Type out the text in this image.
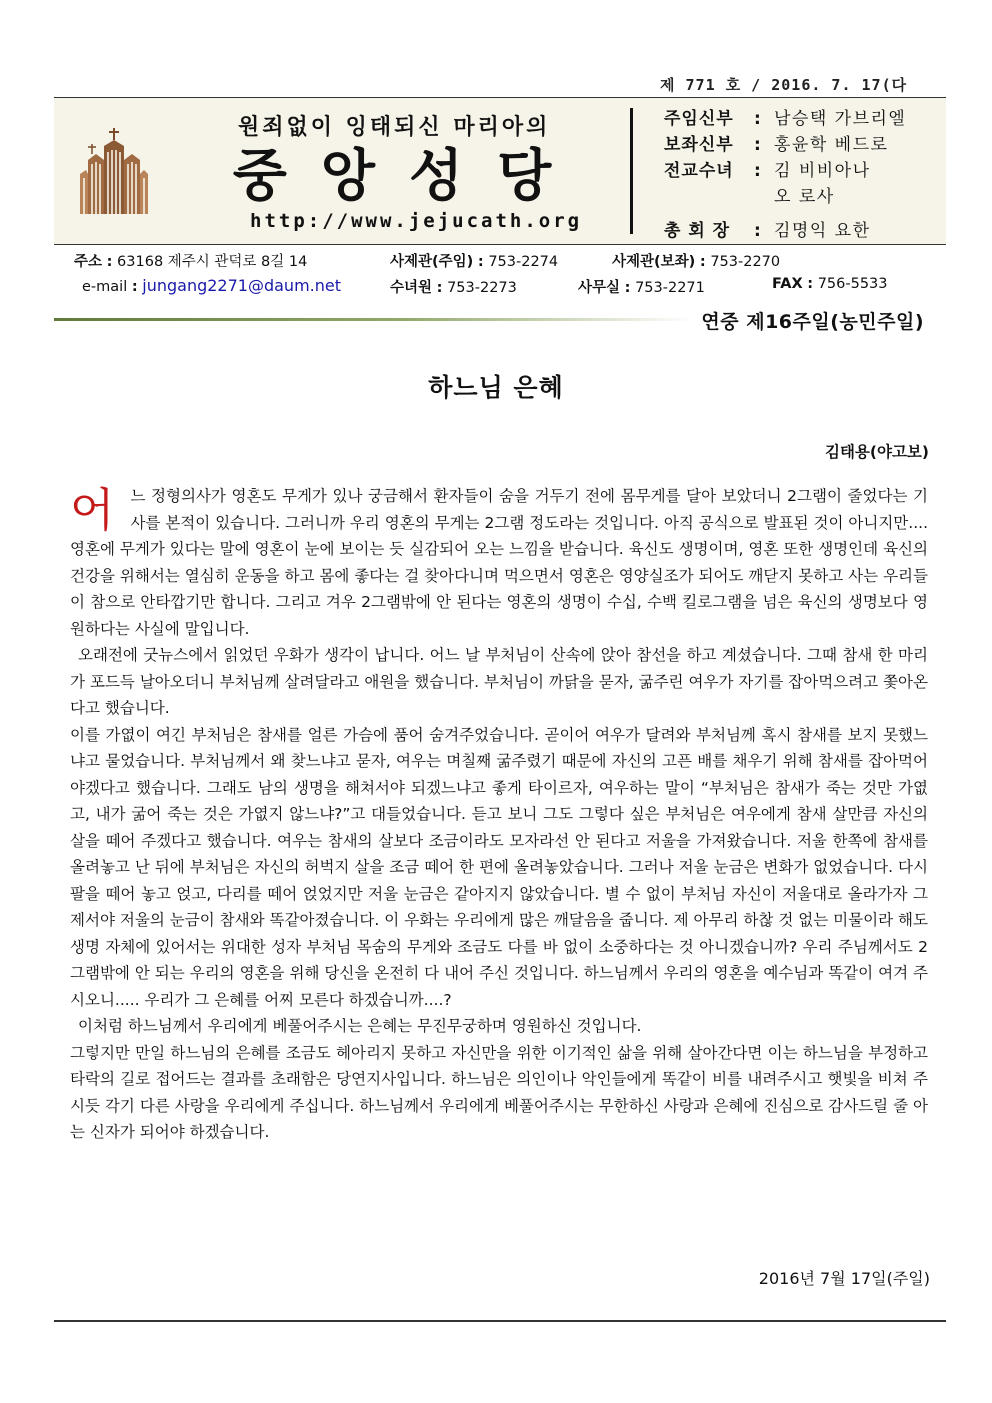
제 771 호 / 2016. 7. 17(다
원죄없이 잉태되신 마리아의
중앙성당
http://www.jejucath.org
주임신부	: 남승택 가브리엘
보좌신부	: 홍윤학 베드로
전교수녀	: 김 비비아나
오 로사
총 회 장	: 김명익 요한
주소 : 63168 제주시 관덕로 8길 14	사제관(주임) : 753-2274	사제관(보좌) : 753-2270
e-mail : jungang2271@daum.net	수녀원 : 753-2273	사무실 : 753-2271	FAX : 756-5533
연중 제16주일(농민주일)
하느님 은혜
김태용(야고보)

어 느 정형의사가 영혼도 무게가 있나 궁금해서 환자들이 숨을 거두기 전에 몸무게를 달아 보았더니 2그램이 줄었다는 기사를 본적이 있습니다. 그러니까 우리 영혼의 무게는 2그램 정도라는 것입니다. 아직 공식으로 발표된 것이 아니지만.... 영혼에 무게가 있다는 말에 영혼이 눈에 보이는 듯 실감되어 오는 느낌을 받습니다. 육신도 생명이며, 영혼 또한 생명인데 육신의 건강을 위해서는 열심히 운동을 하고 몸에 좋다는 걸 찾아다니며 먹으면서 영혼은 영양실조가 되어도 깨닫지 못하고 사는 우리들이 참으로 안타깝기만 합니다. 그리고 겨우 2그램밖에 안 된다는 영혼의 생명이 수십, 수백 킬로그램을 넘은 육신의 생명보다 영원하다는 사실에 말입니다.

오래전에 굿뉴스에서 읽었던 우화가 생각이 납니다. 어느 날 부처님이 산속에 앉아 참선을 하고 계셨습니다. 그때 참새 한 마리가 포드득 날아오더니 부처님께 살려달라고 애원을 했습니다. 부처님이 까닭을 묻자, 굶주린 여우가 자기를 잡아먹으려고 쫓아온다고 했습니다.

이를 가엾이 여긴 부처님은 참새를 얼른 가슴에 품어 숨겨주었습니다. 곧이어 여우가 달려와 부처님께 혹시 참새를 보지 못했느냐고 물었습니다. 부처님께서 왜 찾느냐고 묻자, 여우는 며칠째 굶주렸기 때문에 자신의 고픈 배를 채우기 위해 참새를 잡아먹어야겠다고 했습니다. 그래도 남의 생명을 해쳐서야 되겠느냐고 좋게 타이르자, 여우하는 말이 “부처님은 참새가 죽는 것만 가엾고, 내가 굶어 죽는 것은 가엾지 않느냐?”고 대들었습니다. 듣고 보니 그도 그렇다 싶은 부처님은 여우에게 참새 살만큼 자신의 살을 떼어 주겠다고 했습니다. 여우는 참새의 살보다 조금이라도 모자라선 안 된다고 저울을 가져왔습니다. 저울 한쪽에 참새를 올려놓고 난 뒤에 부처님은 자신의 허벅지 살을 조금 떼어 한 편에 올려놓았습니다. 그러나 저울 눈금은 변화가 없었습니다. 다시 팔을 떼어 놓고 얹고, 다리를 떼어 얹었지만 저울 눈금은 같아지지 않았습니다. 별 수 없이 부처님 자신이 저울대로 올라가자 그제서야 저울의 눈금이 참새와 똑같아졌습니다. 이 우화는 우리에게 많은 깨달음을 줍니다. 제 아무리 하찮 것 없는 미물이라 해도 생명 자체에 있어서는 위대한 성자 부처님 목숨의 무게와 조금도 다를 바 없이 소중하다는 것 아니겠습니까? 우리 주님께서도 2그램밖에 안 되는 우리의 영혼을 위해 당신을 온전히 다 내어 주신 것입니다. 하느님께서 우리의 영혼을 예수님과 똑같이 여겨 주시오니..... 우리가 그 은혜를 어찌 모른다 하겠습니까....?

이처럼 하느님께서 우리에게 베풀어주시는 은혜는 무진무궁하며 영원하신 것입니다.

그렇지만 만일 하느님의 은혜를 조금도 헤아리지 못하고 자신만을 위한 이기적인 삶을 위해 살아간다면 이는 하느님을 부정하고 타락의 길로 접어드는 결과를 초래함은 당연지사입니다. 하느님은 의인이나 악인들에게 똑같이 비를 내려주시고 햇빛을 비쳐 주시듯 각기 다른 사랑을 우리에게 주십니다. 하느님께서 우리에게 베풀어주시는 무한하신 사랑과 은혜에 진심으로 감사드릴 줄 아는 신자가 되어야 하겠습니다.

2016년 7월 17일(주일)
